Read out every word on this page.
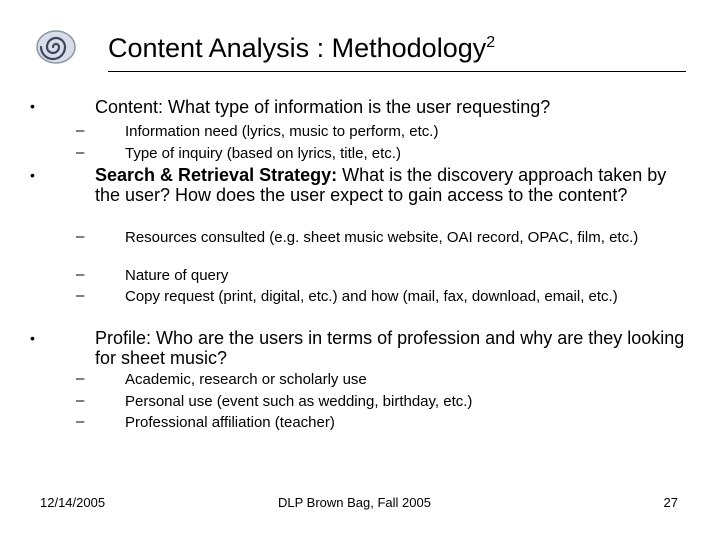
Content Analysis : Methodology$^2$
•	Content: What type of information is the user requesting?
–	Information need (lyrics, music to perform, etc.)
–	Type of inquiry (based on lyrics, title, etc.)
•	Search & Retrieval Strategy: What is the discovery approach taken by the user? How does the user expect to gain access to the content?
–	Resources consulted (e.g. sheet music website, OAI record, OPAC, film, etc.)
–	Nature of query
–	Copy request (print, digital, etc.) and how (mail, fax, download, email, etc.)
•	Profile: Who are the users in terms of profession and why are they looking for sheet music?
–	Academic, research or scholarly use
–	Personal use (event such as wedding, birthday, etc.)
–	Professional affiliation (teacher)
12/14/2005	DLP Brown Bag, Fall 2005	27
